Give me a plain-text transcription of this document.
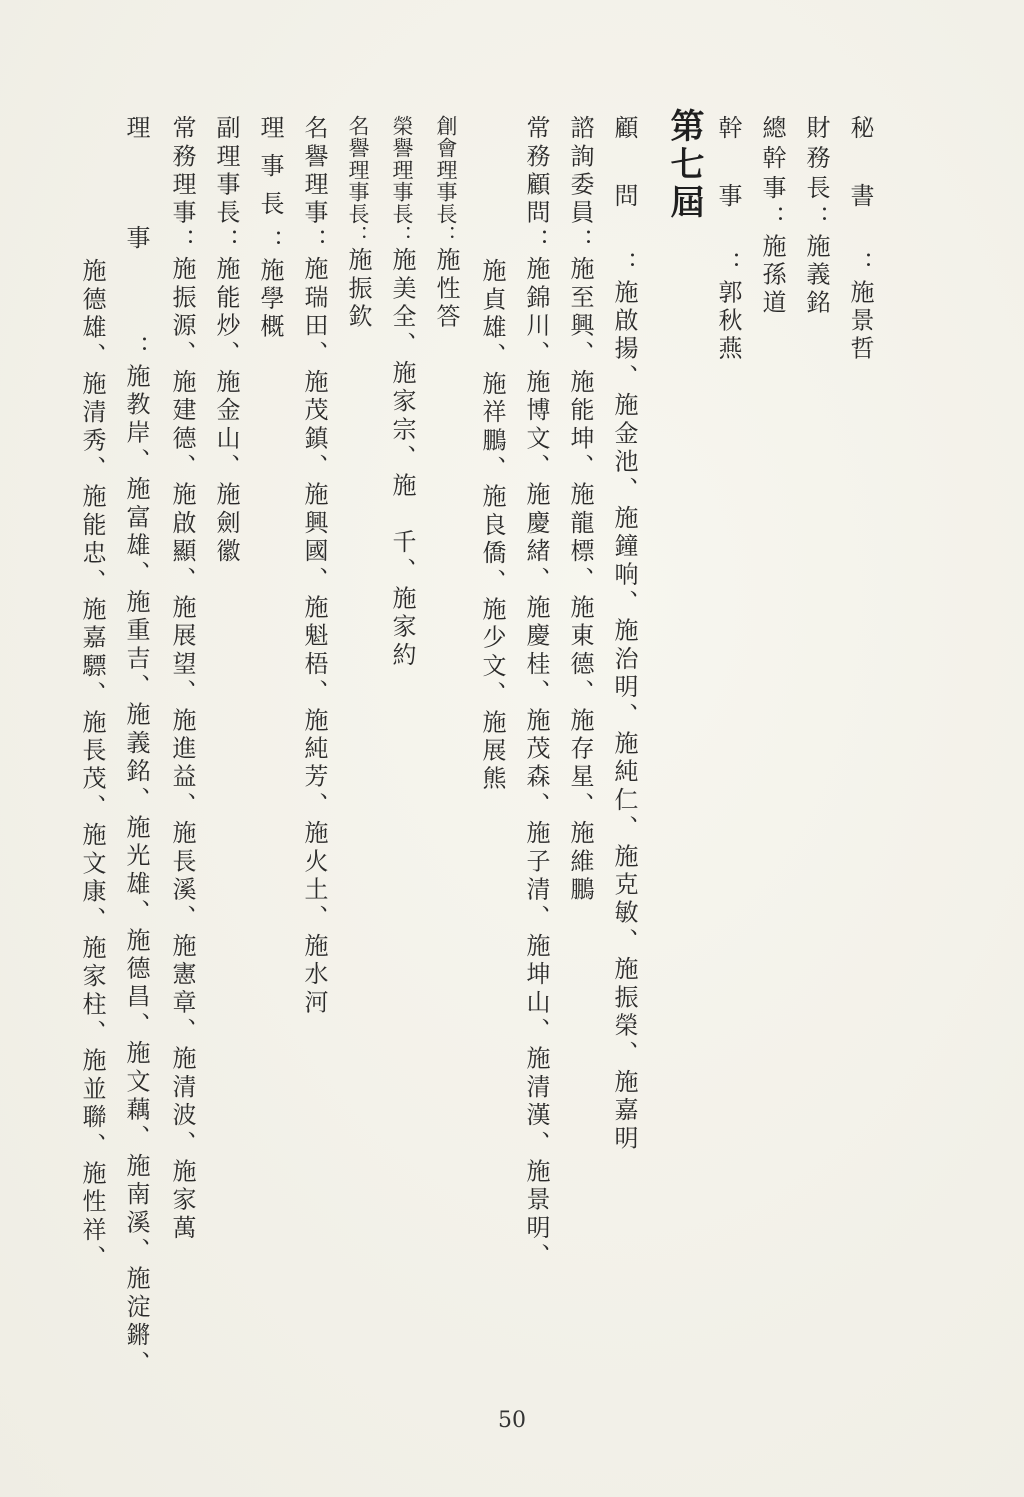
秘書：施景哲
財務長：施義銘
總幹事：施孫道
幹事：郭秋燕
第七屆
顧問：施啟揚、施金池、施鐘响、施治明、施純仁、施克敏、施振榮、施嘉明
諮詢委員：施至興、施能坤、施龍標、施東德、施存星、施維鵬
常務顧問：施錦川、施博文、施慶緒、施慶桂、施茂森、施子清、施坤山、施清漢、施景明、
施貞雄、施祥鵬、施良僑、施少文、施展熊
創會理事長：施性答
榮譽理事長：施美全、施家宗、施　千、施家約
名譽理事長：施振欽
名譽理事：施瑞田、施茂鎮、施興國、施魁梧、施純芳、施火土、施水河
理事長：施學概
副理事長：施能炒、施金山、施劍徽
常務理事：施振源、施建德、施啟顯、施展望、施進益、施長溪、施憲章、施清波、施家萬
理事：施教岸、施富雄、施重吉、施義銘、施光雄、施德昌、施文藕、施南溪、施淀鏘、
施德雄、施清秀、施能忠、施嘉驃、施長茂、施文康、施家柱、施並聯、施性祥、
50
